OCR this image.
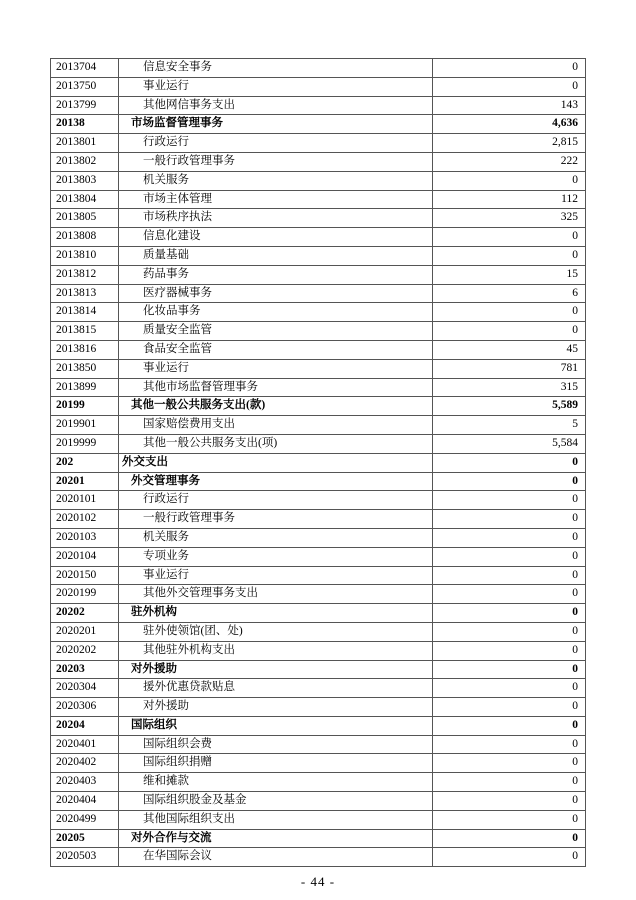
2013704	信息安全事务	0
2013750	事业运行	0
2013799	其他网信事务支出	143
20138	市场监督管理事务	4,636
2013801	行政运行	2,815
2013802	一般行政管理事务	222
2013803	机关服务	0
2013804	市场主体管理	112
2013805	市场秩序执法	325
2013808	信息化建设	0
2013810	质量基础	0
2013812	药品事务	15
2013813	医疗器械事务	6
2013814	化妆品事务	0
2013815	质量安全监管	0
2013816	食品安全监管	45
2013850	事业运行	781
2013899	其他市场监督管理事务	315
20199	其他一般公共服务支出(款)	5,589
2019901	国家赔偿费用支出	5
2019999	其他一般公共服务支出(项)	5,584
202	外交支出	0
20201	外交管理事务	0
2020101	行政运行	0
2020102	一般行政管理事务	0
2020103	机关服务	0
2020104	专项业务	0
2020150	事业运行	0
2020199	其他外交管理事务支出	0
20202	驻外机构	0
2020201	驻外使领馆(团、处)	0
2020202	其他驻外机构支出	0
20203	对外援助	0
2020304	援外优惠贷款贴息	0
2020306	对外援助	0
20204	国际组织	0
2020401	国际组织会费	0
2020402	国际组织捐赠	0
2020403	维和摊款	0
2020404	国际组织股金及基金	0
2020499	其他国际组织支出	0
20205	对外合作与交流	0
2020503	在华国际会议	0
- 44 -
